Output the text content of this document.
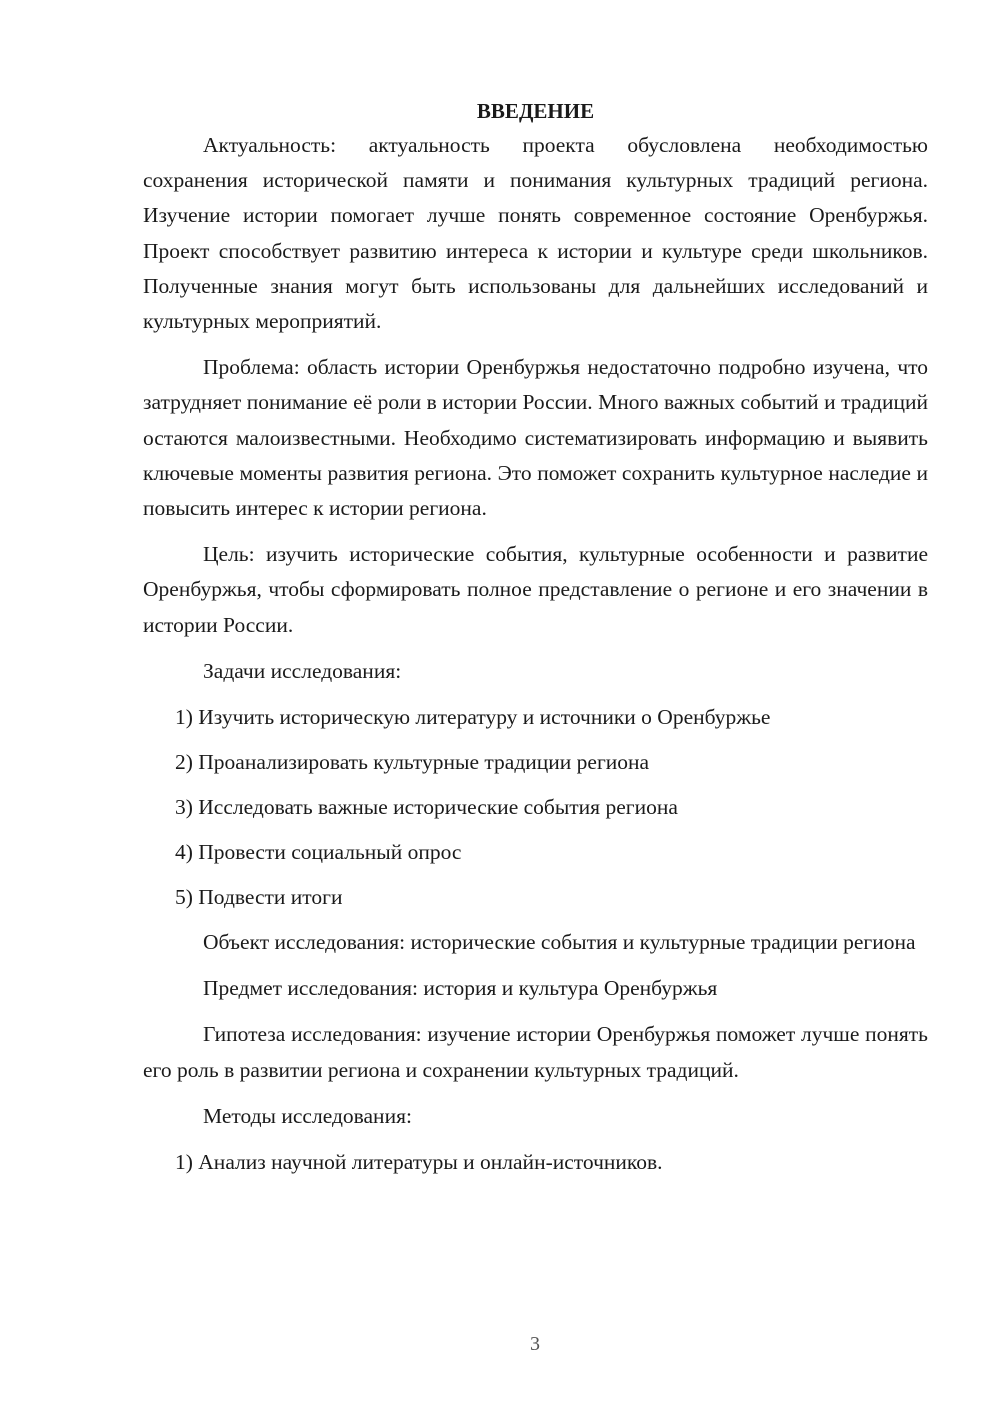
ВВЕДЕНИЕ

Актуальность: актуальность проекта обусловлена необходимостью сохранения исторической памяти и понимания культурных традиций региона. Изучение истории помогает лучше понять современное состояние Оренбуржья. Проект способствует развитию интереса к истории и культуре среди школьников. Полученные знания могут быть использованы для дальнейших исследований и культурных мероприятий.

Проблема: область истории Оренбуржья недостаточно подробно изучена, что затрудняет понимание её роли в истории России. Много важных событий и традиций остаются малоизвестными. Необходимо систематизировать информацию и выявить ключевые моменты развития региона. Это поможет сохранить культурное наследие и повысить интерес к истории региона.

Цель: изучить исторические события, культурные особенности и развитие Оренбуржья, чтобы сформировать полное представление о регионе и его значении в истории России.

Задачи исследования:

1) Изучить историческую литературу и источники о Оренбуржье

2) Проанализировать культурные традиции региона

3) Исследовать важные исторические события региона

4) Провести социальный опрос

5) Подвести итоги

Объект исследования: исторические события и культурные традиции региона

Предмет исследования: история и культура Оренбуржья

Гипотеза исследования: изучение истории Оренбуржья поможет лучше понять его роль в развитии региона и сохранении культурных традиций.

Методы исследования:

1) Анализ научной литературы и онлайн-источников.

3
